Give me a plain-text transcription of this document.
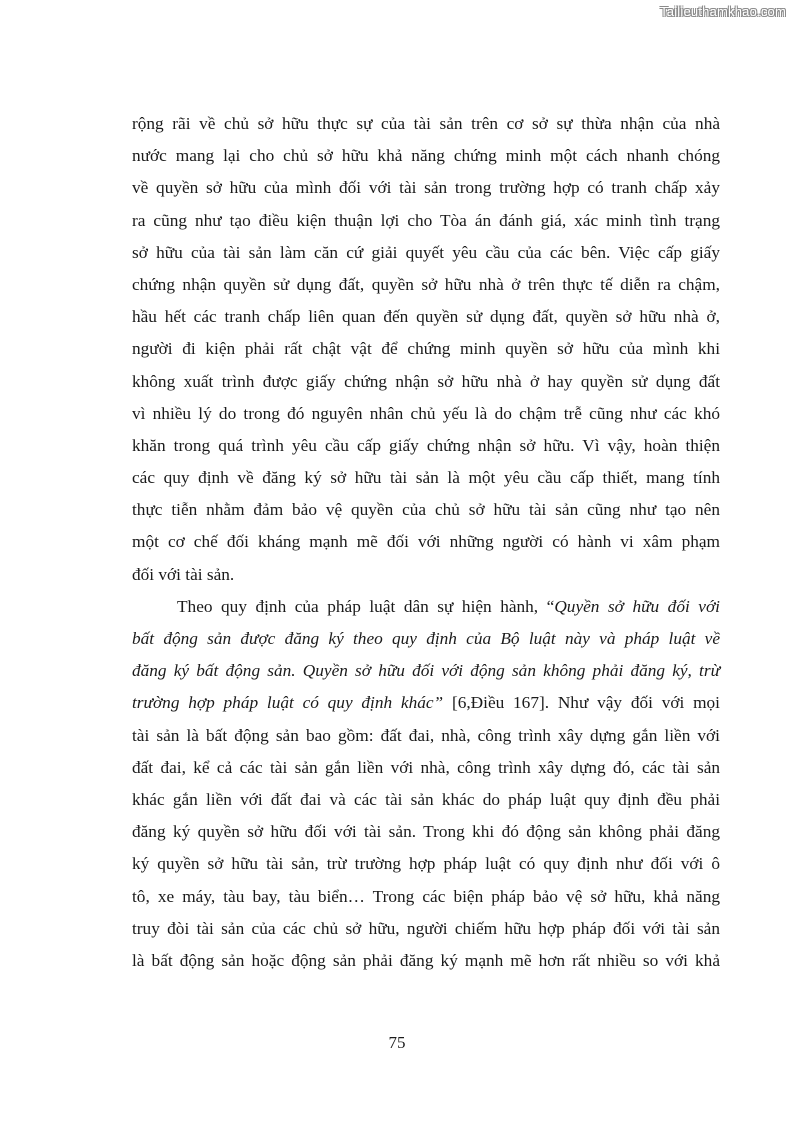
Tailieuthamkhao.com
rộng rãi về chủ sở hữu thực sự của tài sản trên cơ sở sự thừa nhận của nhà
nước mang lại cho chủ sở hữu khả năng chứng minh một cách nhanh chóng
về quyền sở hữu của mình đối với tài sản trong trường hợp có tranh chấp xảy
ra cũng như tạo điều kiện thuận lợi cho Tòa án đánh giá, xác minh tình trạng
sở hữu của tài sản làm căn cứ giải quyết yêu cầu của các bên. Việc cấp giấy
chứng nhận quyền sử dụng đất, quyền sở hữu nhà ở trên thực tế diễn ra chậm,
hầu hết các tranh chấp liên quan đến quyền sử dụng đất, quyền sở hữu nhà ở,
người đi kiện phải rất chật vật để chứng minh quyền sở hữu của mình khi
không xuất trình được giấy chứng nhận sở hữu nhà ở hay quyền sử dụng đất
vì nhiều lý do trong đó nguyên nhân chủ yếu là do chậm trễ cũng như các khó
khăn trong quá trình yêu cầu cấp giấy chứng nhận sở hữu. Vì vậy, hoàn thiện
các quy định về đăng ký sở hữu tài sản là một yêu cầu cấp thiết, mang tính
thực tiễn nhằm đảm bảo vệ quyền của chủ sở hữu tài sản cũng như tạo nên
một cơ chế đối kháng mạnh mẽ đối với những người có hành vi xâm phạm
đối với tài sản.
Theo quy định của pháp luật dân sự hiện hành, “Quyền sở hữu đối với
bất động sản được đăng ký theo quy định của Bộ luật này và pháp luật về
đăng ký bất động sản. Quyền sở hữu đối với động sản không phải đăng ký, trừ
trường hợp pháp luật có quy định khác” [6,Điều 167]. Như vậy đối với mọi
tài sản là bất động sản bao gồm: đất đai, nhà, công trình xây dựng gắn liền với
đất đai, kể cả các tài sản gắn liền với nhà, công trình xây dựng đó, các tài sản
khác gắn liền với đất đai và các tài sản khác do pháp luật quy định đều phải
đăng ký quyền sở hữu đối với tài sản. Trong khi đó động sản không phải đăng
ký quyền sở hữu tài sản, trừ trường hợp pháp luật có quy định như đối với ô
tô, xe máy, tàu bay, tàu biển… Trong các biện pháp bảo vệ sở hữu, khả năng
truy đòi tài sản của các chủ sở hữu, người chiếm hữu hợp pháp đối với tài sản
là bất động sản hoặc động sản phải đăng ký mạnh mẽ hơn rất nhiều so với khả
75
